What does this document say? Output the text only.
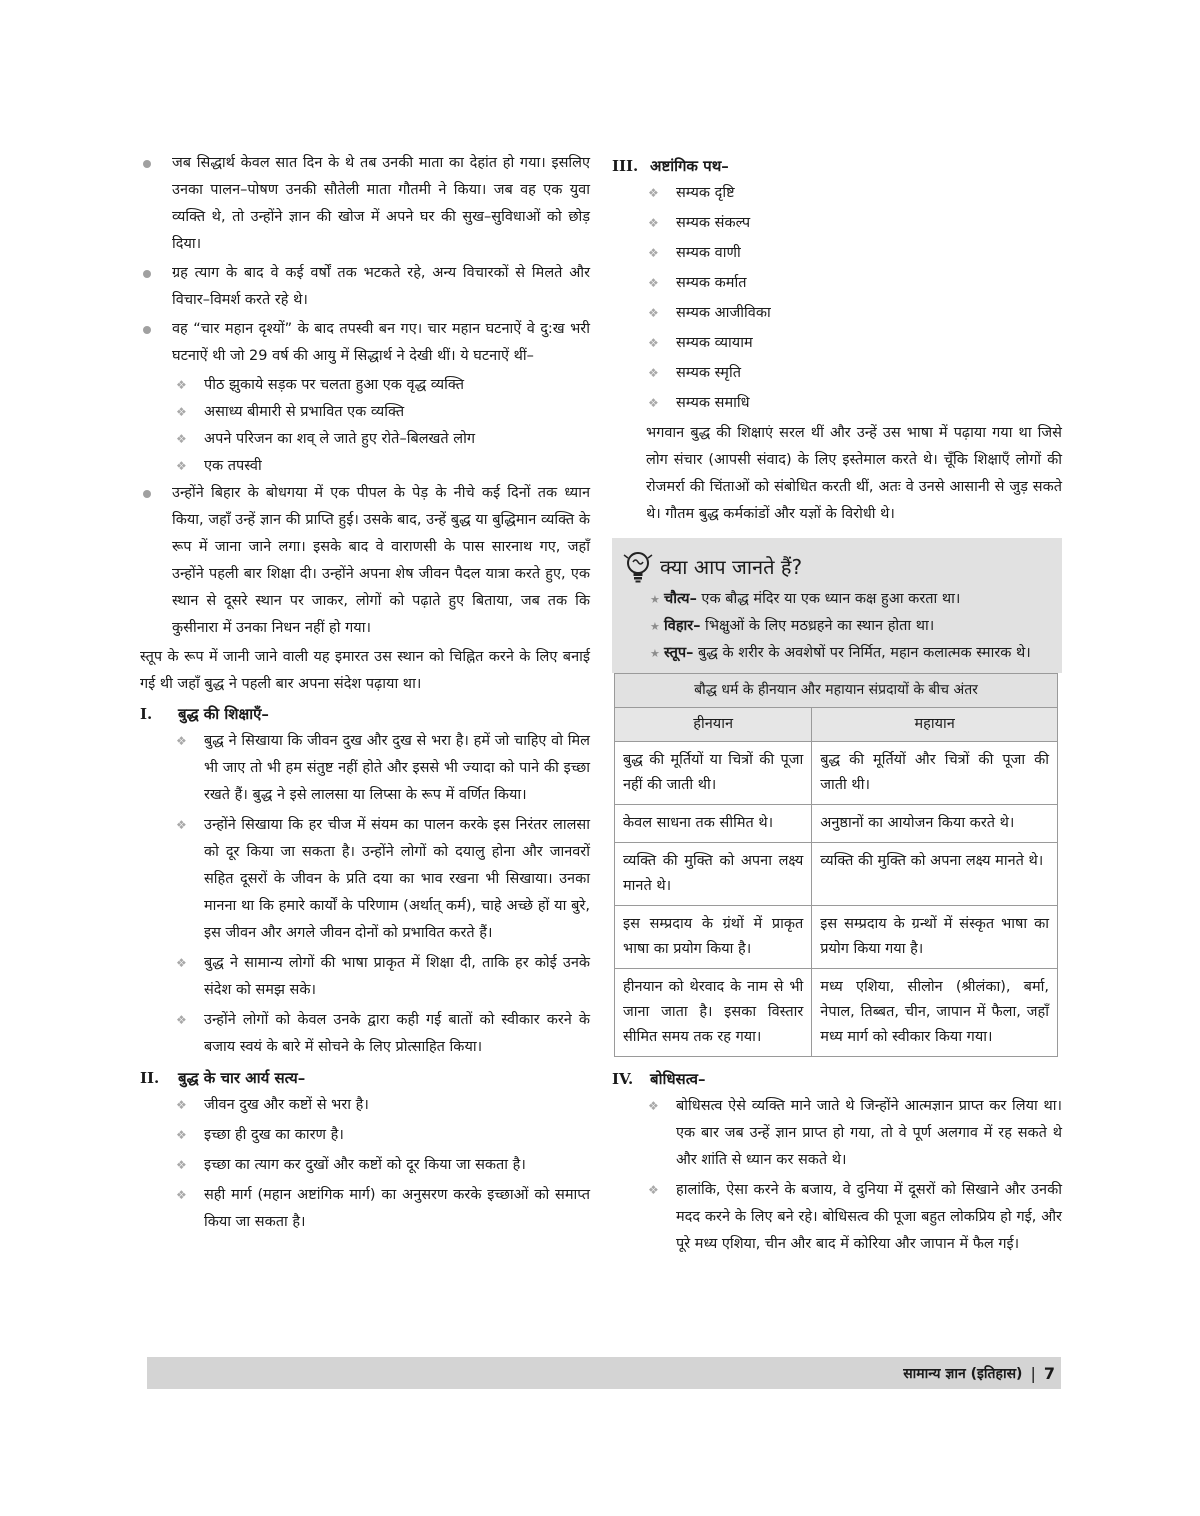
जब सिद्धार्थ केवल सात दिन के थे तब उनकी माता का देहांत हो गया। इसलिए उनका पालन–पोषण उनकी सौतेली माता गौतमी ने किया। जब वह एक युवा व्यक्ति थे, तो उन्होंने ज्ञान की खोज में अपने घर की सुख–सुविधाओं को छोड़ दिया।
ग्रह त्याग के बाद वे कई वर्षों तक भटकते रहे, अन्य विचारकों से मिलते और विचार–विमर्श करते रहे थे।
वह “चार महान दृश्यों” के बाद तपस्वी बन गए। चार महान घटनाऐं वे दु:ख भरी घटनाऐं थी जो 29 वर्ष की आयु में सिद्धार्थ ने देखी थीं। ये घटनाऐं थीं–
❖ पीठ झुकाये सड़क पर चलता हुआ एक वृद्ध व्यक्ति
❖ असाध्य बीमारी से प्रभावित एक व्यक्ति
❖ अपने परिजन का शव् ले जाते हुए रोते–बिलखते लोग
❖ एक तपस्वी
उन्होंने बिहार के बोधगया में एक पीपल के पेड़ के नीचे कई दिनों तक ध्यान किया, जहाँ उन्हें ज्ञान की प्राप्ति हुई। उसके बाद, उन्हें बुद्ध या बुद्धिमान व्यक्ति के रूप में जाना जाने लगा। इसके बाद वे वाराणसी के पास सारनाथ गए, जहाँ उन्होंने पहली बार शिक्षा दी। उन्होंने अपना शेष जीवन पैदल यात्रा करते हुए, एक स्थान से दूसरे स्थान पर जाकर, लोगों को पढ़ाते हुए बिताया, जब तक कि कुसीनारा में उनका निधन नहीं हो गया।

स्तूप के रूप में जानी जाने वाली यह इमारत उस स्थान को चिह्नित करने के लिए बनाई गई थी जहाँ बुद्ध ने पहली बार अपना संदेश पढ़ाया था।

I.	बुद्ध की शिक्षाएँ–
❖ बुद्ध ने सिखाया कि जीवन दुख और दुख से भरा है। हमें जो चाहिए वो मिल भी जाए तो भी हम संतुष्ट नहीं होते और इससे भी ज्यादा को पाने की इच्छा रखते हैं। बुद्ध ने इसे लालसा या लिप्सा के रूप में वर्णित किया।
❖ उन्होंने सिखाया कि हर चीज में संयम का पालन करके इस निरंतर लालसा को दूर किया जा सकता है। उन्होंने लोगों को दयालु होना और जानवरों सहित दूसरों के जीवन के प्रति दया का भाव रखना भी सिखाया। उनका मानना था कि हमारे कार्यों के परिणाम (अर्थात् कर्म), चाहे अच्छे हों या बुरे, इस जीवन और अगले जीवन दोनों को प्रभावित करते हैं।
❖ बुद्ध ने सामान्य लोगों की भाषा प्राकृत में शिक्षा दी, ताकि हर कोई उनके संदेश को समझ सके।
❖ उन्होंने लोगों को केवल उनके द्वारा कही गई बातों को स्वीकार करने के बजाय स्वयं के बारे में सोचने के लिए प्रोत्साहित किया।
II.	बुद्ध के चार आर्य सत्य–
❖ जीवन दुख और कष्टों से भरा है।
❖ इच्छा ही दुख का कारण है।
❖ इच्छा का त्याग कर दुखों और कष्टों को दूर किया जा सकता है।
❖ सही मार्ग (महान अष्टांगिक मार्ग) का अनुसरण करके इच्छाओं को समाप्त किया जा सकता है।
III. अष्टांगिक पथ–
❖ सम्यक दृष्टि
❖ सम्यक संकल्प
❖ सम्यक वाणी
❖ सम्यक कर्मात
❖ सम्यक आजीविका
❖ सम्यक व्यायाम
❖ सम्यक स्मृति
❖ सम्यक समाधि

भगवान बुद्ध की शिक्षाएं सरल थीं और उन्हें उस भाषा में पढ़ाया गया था जिसे लोग संचार (आपसी संवाद) के लिए इस्तेमाल करते थे। चूँकि शिक्षाएँ लोगों की रोजमर्रा की चिंताओं को संबोधित करती थीं, अतः वे उनसे आसानी से जुड़ सकते थे। गौतम बुद्ध कर्मकांडों और यज्ञों के विरोधी थे।

क्या आप जानते हैं?
★ चौत्य– एक बौद्ध मंदिर या एक ध्यान कक्ष हुआ करता था।
★ विहार– भिक्षुओं के लिए मठध्रहने का स्थान होता था।
★ स्तूप– बुद्ध के शरीर के अवशेषों पर निर्मित, महान कलात्मक स्मारक थे।
बौद्ध धर्म के हीनयान और महायान संप्रदायों के बीच अंतर	
हीनयान	महायान
बुद्ध की मूर्तियों या चित्रों की पूजा नहीं की जाती थी।	बुद्ध की मूर्तियों और चित्रों की पूजा की जाती थी।
केवल साधना तक सीमित थे।	अनुष्ठानों का आयोजन किया करते थे।
व्यक्ति की मुक्ति को अपना लक्ष्य मानते थे।	व्यक्ति की मुक्ति को अपना लक्ष्य मानते थे।
इस सम्प्रदाय के ग्रंथों में प्राकृत भाषा का प्रयोग किया है।	इस सम्प्रदाय के ग्रन्थों में संस्कृत भाषा का प्रयोग किया गया है।
हीनयान को थेरवाद के नाम से भी जाना जाता है। इसका विस्तार सीमित समय तक रह गया।	मध्य एशिया, सीलोन (श्रीलंका), बर्मा, नेपाल, तिब्बत, चीन, जापान में फैला, जहाँ मध्य मार्ग को स्वीकार किया गया।
IV.	बोधिसत्व–
❖ बोधिसत्व ऐसे व्यक्ति माने जाते थे जिन्होंने आत्मज्ञान प्राप्त कर लिया था। एक बार जब उन्हें ज्ञान प्राप्त हो गया, तो वे पूर्ण अलगाव में रह सकते थे और शांति से ध्यान कर सकते थे।
❖ हालांकि, ऐसा करने के बजाय, वे दुनिया में दूसरों को सिखाने और उनकी मदद करने के लिए बने रहे। बोधिसत्व की पूजा बहुत लोकप्रिय हो गई, और पूरे मध्य एशिया, चीन और बाद में कोरिया और जापान में फैल गई।
सामान्य ज्ञान (इतिहास) | 7
